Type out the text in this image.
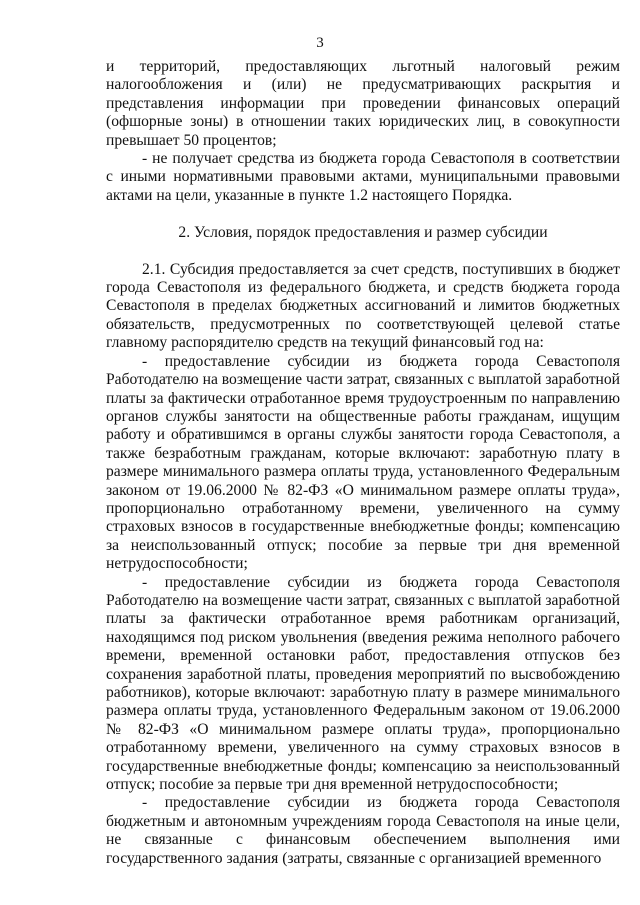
3

и территорий, предоставляющих льготный налоговый режим налогообложения и (или) не предусматривающих раскрытия и представления информации при проведении финансовых операций (офшорные зоны) в отношении таких юридических лиц, в совокупности превышает 50 процентов;

- не получает средства из бюджета города Севастополя в соответствии с иными нормативными правовыми актами, муниципальными правовыми актами на цели, указанные в пункте 1.2 настоящего Порядка.

2. Условия, порядок предоставления и размер субсидии

2.1. Субсидия предоставляется за счет средств, поступивших в бюджет города Севастополя из федерального бюджета, и средств бюджета города Севастополя в пределах бюджетных ассигнований и лимитов бюджетных обязательств, предусмотренных по соответствующей целевой статье главному распорядителю средств на текущий финансовый год на:

- предоставление субсидии из бюджета города Севастополя Работодателю на возмещение части затрат, связанных с выплатой заработной платы за фактически отработанное время трудоустроенным по направлению органов службы занятости на общественные работы гражданам, ищущим работу и обратившимся в органы службы занятости города Севастополя, а также безработным гражданам, которые включают: заработную плату в размере минимального размера оплаты труда, установленного Федеральным законом от 19.06.2000 № 82-ФЗ «О минимальном размере оплаты труда», пропорционально отработанному времени, увеличенного на сумму страховых взносов в государственные внебюджетные фонды; компенсацию за неиспользованный отпуск; пособие за первые три дня временной нетрудоспособности;

- предоставление субсидии из бюджета города Севастополя Работодателю на возмещение части затрат, связанных с выплатой заработной платы за фактически отработанное время работникам организаций, находящимся под риском увольнения (введения режима неполного рабочего времени, временной остановки работ, предоставления отпусков без сохранения заработной платы, проведения мероприятий по высвобождению работников), которые включают: заработную плату в размере минимального размера оплаты труда, установленного Федеральным законом от 19.06.2000 № 82-ФЗ «О минимальном размере оплаты труда», пропорционально отработанному времени, увеличенного на сумму страховых взносов в государственные внебюджетные фонды; компенсацию за неиспользованный отпуск; пособие за первые три дня временной нетрудоспособности;

- предоставление субсидии из бюджета города Севастополя бюджетным и автономным учреждениям города Севастополя на иные цели, не связанные с финансовым обеспечением выполнения ими государственного задания (затраты, связанные с организацией временного
